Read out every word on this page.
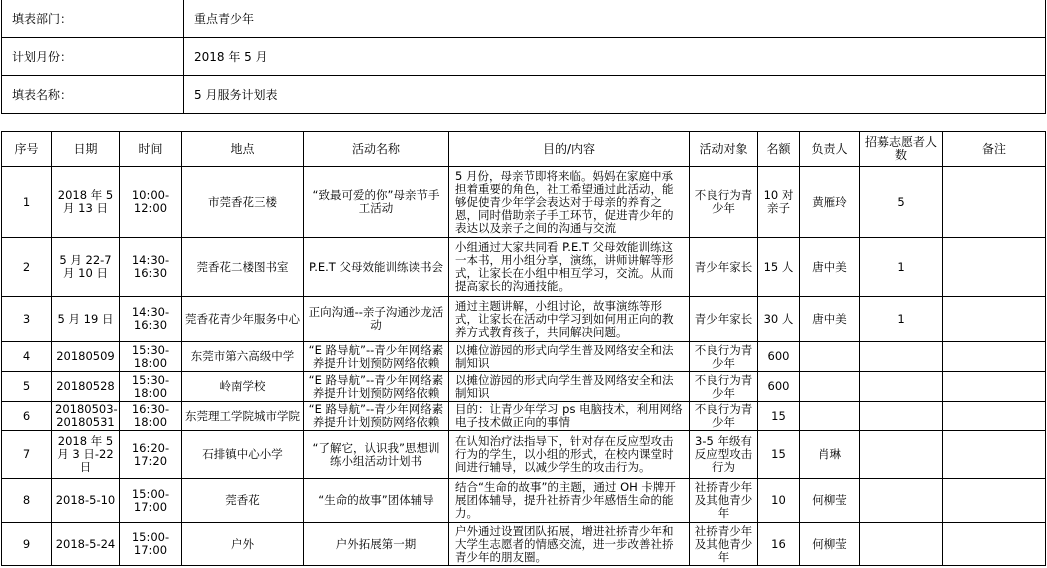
填表部门：	重点青少年
计划月份：	2018 年 5 月
填表名称：	5 月服务计划表
序号	日期	时间	地点	活动名称	目的/内容	活动对象	名额	负责人	招募志愿者人数	备注
1	2018 年 5 月 13 日	10:00-12:00	市莞香花三楼	“致最可爱的你”母亲节手工活动	5 月份，母亲节即将来临。妈妈在家庭中承担着重要的角色，社工希望通过此活动，能够促使青少年学会表达对于母亲的养育之恩，同时借助亲子手工环节，促进青少年的表达以及亲子之间的沟通与交流	不良行为青少年	10 对亲子	黄雁玲	5	
2	5 月 22-7 月 10 日	14:30-16:30	莞香花二楼图书室	P.E.T 父母效能训练读书会	小组通过大家共同看 P.E.T 父母效能训练这一本书，用小组分享，演练，讲师讲解等形式，让家长在小组中相互学习，交流。从而提高家长的沟通技能。	青少年家长	15 人	唐中美	1	
3	5 月 19 日	14:30-16:30	莞香花青少年服务中心	正向沟通--亲子沟通沙龙活动	通过主题讲解，小组讨论，故事演练等形式，让家长在活动中学习到如何用正向的教养方式教育孩子，共同解决问题。	青少年家长	30 人	唐中美	1	
4	20180509	15:30-18:00	东莞市第六高级中学	“E 路导航”--青少年网络素养提升计划预防网络依赖	以摊位游园的形式向学生普及网络安全和法制知识	不良行为青少年	600			
5	20180528	15:30-18:00	岭南学校	“E 路导航”--青少年网络素养提升计划预防网络依赖	以摊位游园的形式向学生普及网络安全和法制知识	不良行为青少年	600			
6	20180503-20180531	16:30-18:00	东莞理工学院城市学院	“E 路导航”--青少年网络素养提升计划预防网络依赖	目的：让青少年学习 ps 电脑技术，利用网络电子技术做正向的事情	不良行为青少年	15			
7	2018 年 5 月 3 日-22 日	16:20-17:20	石排镇中心小学	“了解它，认识我”思想训练小组活动计划书	在认知治疗法指导下，针对存在反应型攻击行为的学生，以小组的形式，在校内课堂时间进行辅导，以减少学生的攻击行为。	3-5 年级有反应型攻击行为	15	肖琳		
8	2018-5-10	15:00-17:00	莞香花	“生命的故事”团体辅导	结合“生命的故事”的主题，通过 OH 卡牌开展团体辅导，提升社挢青少年感悟生命的能力。	社挢青少年及其他青少年	10	何柳莹		
9	2018-5-24	15:00-17:00	户外	户外拓展第一期	户外通过设置团队拓展，增进社挢青少年和大学生志愿者的情感交流，进一步改善社挢青少年的朋友圈。	社挢青少年及其他青少年	16	何柳莹		
